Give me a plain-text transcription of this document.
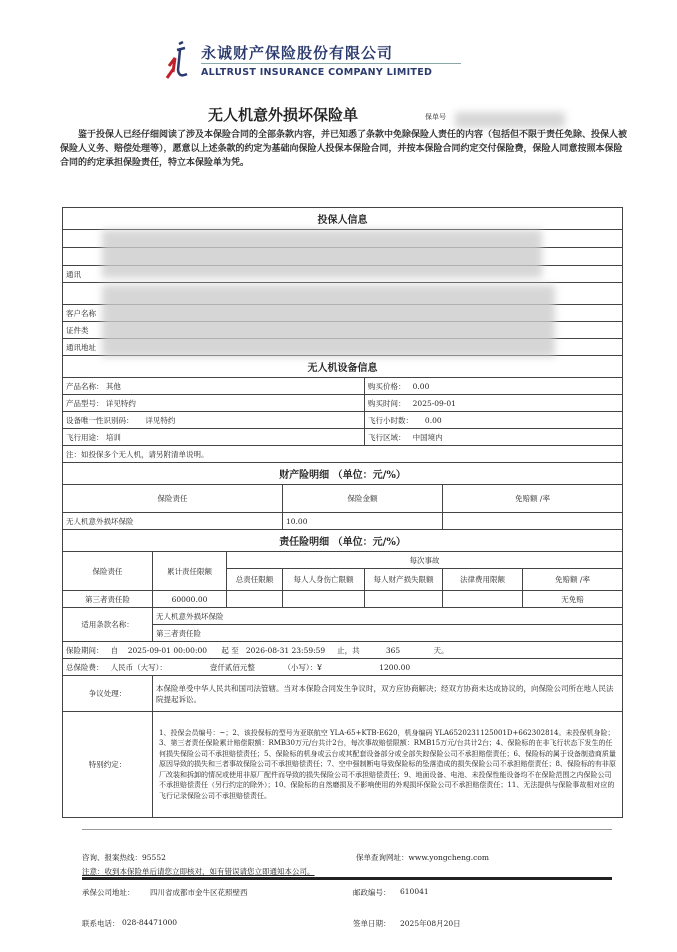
永诚财产保险股份有限公司
ALLTRUST INSURANCE COMPANY LIMITED
无人机意外损坏保险单	保单号
鉴于投保人已经仔细阅读了涉及本保险合同的全部条款内容，并已知悉了条款中免除保险人责任的内容（包括但不限于责任免除、投保人被保险人义务、赔偿处理等），愿意以上述条款的约定为基础向保险人投保本保险合同，并按本保险合同约定交付保险费，保险人同意按照本保险合同的约定承担保险责任，特立本保险单为凭。
投保人信息						

通讯						

客户名称						
证件类						
通讯地址						
无人机设备信息						
产品名称： 其他				购买价格： 0.00		
产品型号： 详见特约				购买时间： 2025-09-01		
设备唯一性识别码： 详见特约				飞行小时数： 0.00		
飞行用途： 培训				飞行区域： 中国境内		
注：如投保多个无人机，请另附清单说明。						
财产险明细 （单位：元/%）						
保险责任			保险金额		免赔额 /率	
无人机意外损坏保险			10.00			
责任险明细 （单位：元/%）						
保险责任	累计责任限额	每次事故				
		总责任限额	每人人身伤亡限额	每人财产损失限额	法律费用限额	免赔额 /率
第三者责任险	60000.00					无免赔
适用条款名称：	无人机意外损坏保险					
	第三者责任险					
保险期间： 自 2025-09-01 00:00:00 起 至 2026-08-31 23:59:59 止，共 365 天。						
总保险费： 人民币（大写）： 壹仟贰佰元整 （小写）：¥ 1200.00						
争议处理：	本保险单受中华人民共和国司法管辖。当对本保险合同发生争议时，双方应协商解决；经双方协商未达成协议的，向保险公司所在地人民法院提起诉讼。					
特别约定：	1、投保会员编号：~；2、该投保标的型号为亚联航空 YLA-65+KTB-E620，机身编码 YLA6520231125001D+662302814。未投保机身险；3、第三者责任保险累计赔偿限额：RMB30万元/台共计2台，每次事故赔偿限额：RMB15万元/台共计2台；4、保险标的在非飞行状态下发生的任何损失保险公司不承担赔偿责任；5、保险标的机身或云台或其配套设备部分或全部失踪保险公司不承担赔偿责任；6、保险标的属于设备制造商质量原因导致的损失和三者事故保险公司不承担赔偿责任；7、空中强制断电导致保险标的坠落造成的损失保险公司不承担赔偿责任；8、保险标的有非原厂改装和拆卸的情况或使用非原厂配件而导致的损失保险公司不承担赔偿责任；9、地面设备、电池、未投保性能设备均不在保险范围之内保险公司不承担赔偿责任（另行约定的除外）；10、保险标的自然磨损及不影响使用的外观损坏保险公司不承担赔偿责任；11、无法提供与保险事故相对应的飞行记录保险公司不承担赔偿责任。					
咨询、报案热线：95552	保单查询网址：www.yongcheng.com
注意：收到本保险单后请您立即核对，如有错误请您立即通知本公司。
承保公司地址： 四川省成都市金牛区花照壁西	邮政编号： 610041
联系电话： 028-84471000	签单日期： 2025年08月20日
